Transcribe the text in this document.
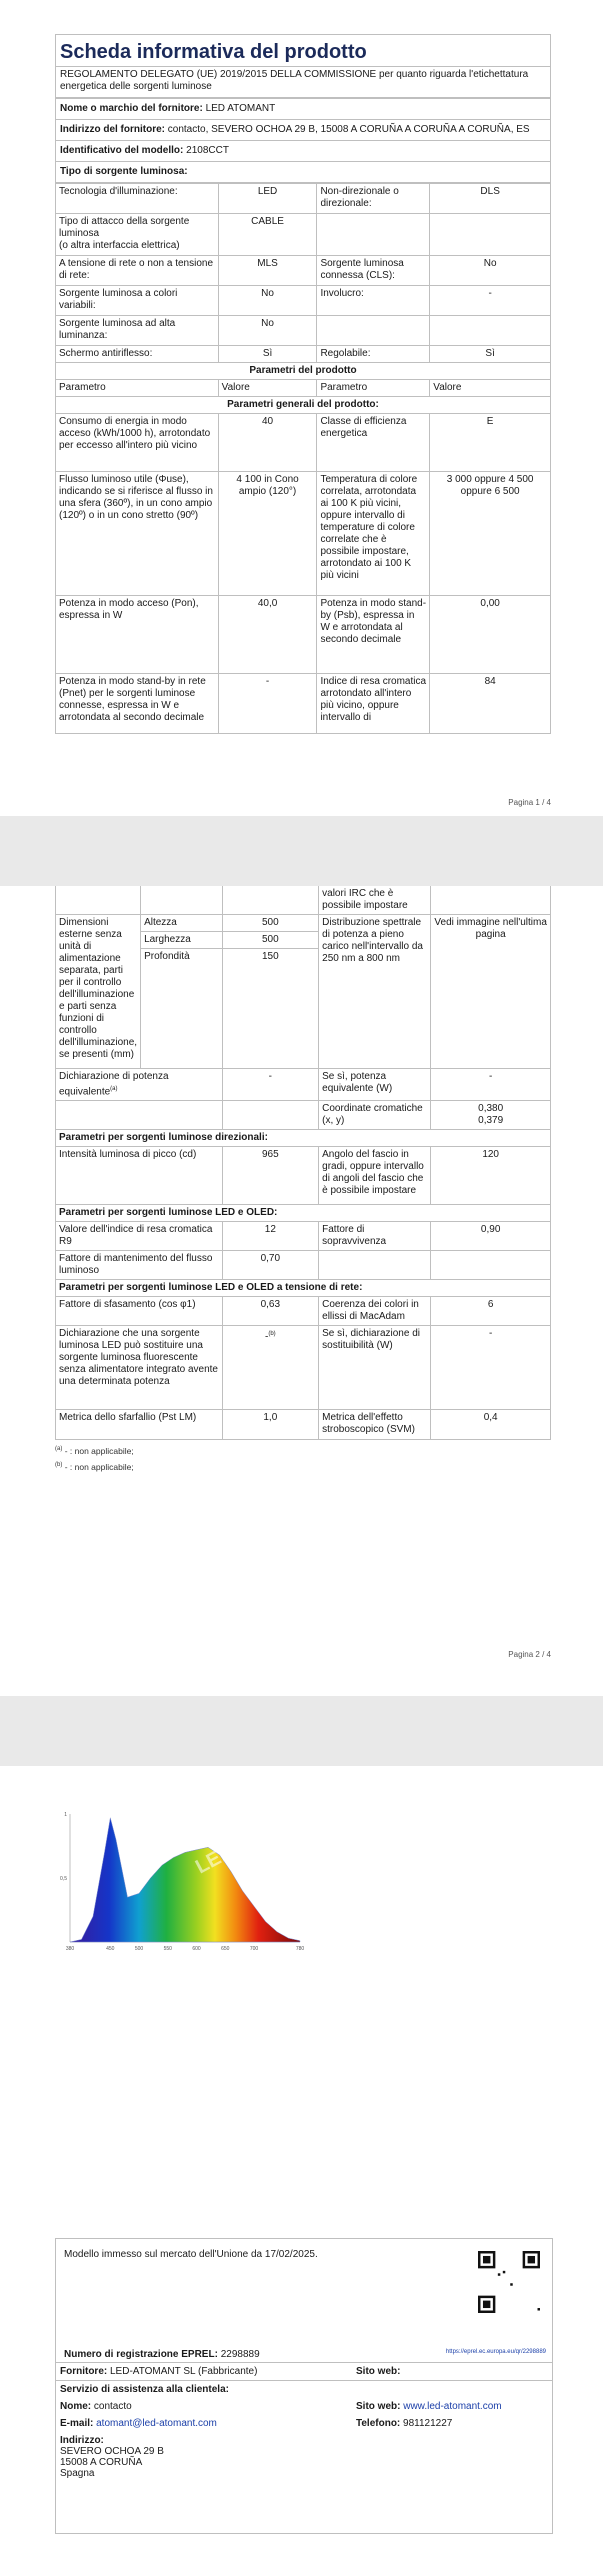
Scheda informativa del prodotto
REGOLAMENTO DELEGATO (UE) 2019/2015 DELLA COMMISSIONE per quanto riguarda l'etichettatura energetica delle sorgenti luminose
Nome o marchio del fornitore: LED ATOMANT
Indirizzo del fornitore: contacto, SEVERO OCHOA 29 B, 15008 A CORUÑA A CORUÑA A CORUÑA, ES
Identificativo del modello: 2108CCT
Tipo di sorgente luminosa:
Tecnologia d'illuminazione:	LED	Non-direzionale o direzionale:	DLS
Tipo di attacco della sorgente luminosa
(o altra interfaccia elettrica)	CABLE		
A tensione di rete o non a tensione di rete:	MLS	Sorgente luminosa connessa (CLS):	No
Sorgente luminosa a colori variabili:	No	Involucro:	-
Sorgente luminosa ad alta luminanza:	No		
Schermo antiriflesso:	Sì	Regolabile:	Sì
Parametri del prodotto			
Parametro	Valore	Parametro	Valore
Parametri generali del prodotto:			
Consumo di energia in modo acceso (kWh/1000 h), arrotondato per eccesso all'intero più vicino	40	Classe di efficienza energetica	E
Flusso luminoso utile (Φuse), indicando se si riferisce al flusso in una sfera (360º), in un cono ampio (120º) o in un cono stretto (90º)	4 100 in Cono ampio (120°)	Temperatura di colore correlata, arrotondata ai 100 K più vicini, oppure intervallo di temperature di colore correlate che è possibile impostare, arrotondato ai 100 K più vicini	3 000 oppure 4 500 oppure 6 500
Potenza in modo acceso (Pon), espressa in W	40,0	Potenza in modo stand-by (Psb), espressa in W e arrotondata al secondo decimale	0,00
Potenza in modo stand-by in rete (Pnet) per le sorgenti luminose connesse, espressa in W e arrotondata al secondo decimale	-	Indice di resa cromatica arrotondato all'intero più vicino, oppure intervallo di	84
Pagina 1 / 4
			valori IRC che è possibile impostare	
Dimensioni esterne senza unità di alimentazione separata, parti per il controllo dell'illuminazione e parti senza funzioni di controllo dell'illuminazione, se presenti (mm)	Altezza	500	Distribuzione spettrale di potenza a pieno carico nell'intervallo da 250 nm a 800 nm	Vedi immagine nell'ultima pagina
	Larghezza	500		
	Profondità	150		
Dichiarazione di potenza equivalente$^{(a)}$		-	Se sì, potenza equivalente (W)	-
			Coordinate cromatiche (x, y)	0,380
0,379

Parametri per sorgenti luminose direzionali:				
Intensità luminosa di picco (cd)		965	Angolo del fascio in gradi, oppure intervallo di angoli del fascio che è possibile impostare	120
Parametri per sorgenti luminose LED e OLED:				
Valore dell'indice di resa cromatica R9		12	Fattore di sopravvivenza	0,90
Fattore di mantenimento del flusso luminoso		0,70		
Parametri per sorgenti luminose LED e OLED a tensione di rete:				
Fattore di sfasamento (cos φ1)		0,63	Coerenza dei colori in ellissi di MacAdam	6
Dichiarazione che una sorgente luminosa LED può sostituire una sorgente luminosa fluorescente senza alimentatore integrato avente una determinata potenza		-$^{(b)}$	Se sì, dichiarazione di sostituibilità (W)	-
Metrica dello sfarfallio (Pst LM)		1,0	Metrica dell'effetto stroboscopico (SVM)	0,4
$^{(a)}$ - : non applicabile;
$^{(b)}$ - : non applicabile;
Pagina 2 / 4
380	450	500	550	600	650	700	780
1
0,5
LED ATOMANT
Modello immesso sul mercato dell'Unione da 17/02/2025.
Numero di registrazione EPREL: 2298889	https://eprel.ec.europa.eu/qr/2298889
Fornitore: LED-ATOMANT SL (Fabbricante)	Sito web:
Servizio di assistenza alla clientela:
Nome: contacto	Sito web: www.led-atomant.com
E-mail: atomant@led-atomant.com	Telefono: 981121227
Indirizzo:
SEVERO OCHOA 29 B
15008 A CORUÑA
Spagna
